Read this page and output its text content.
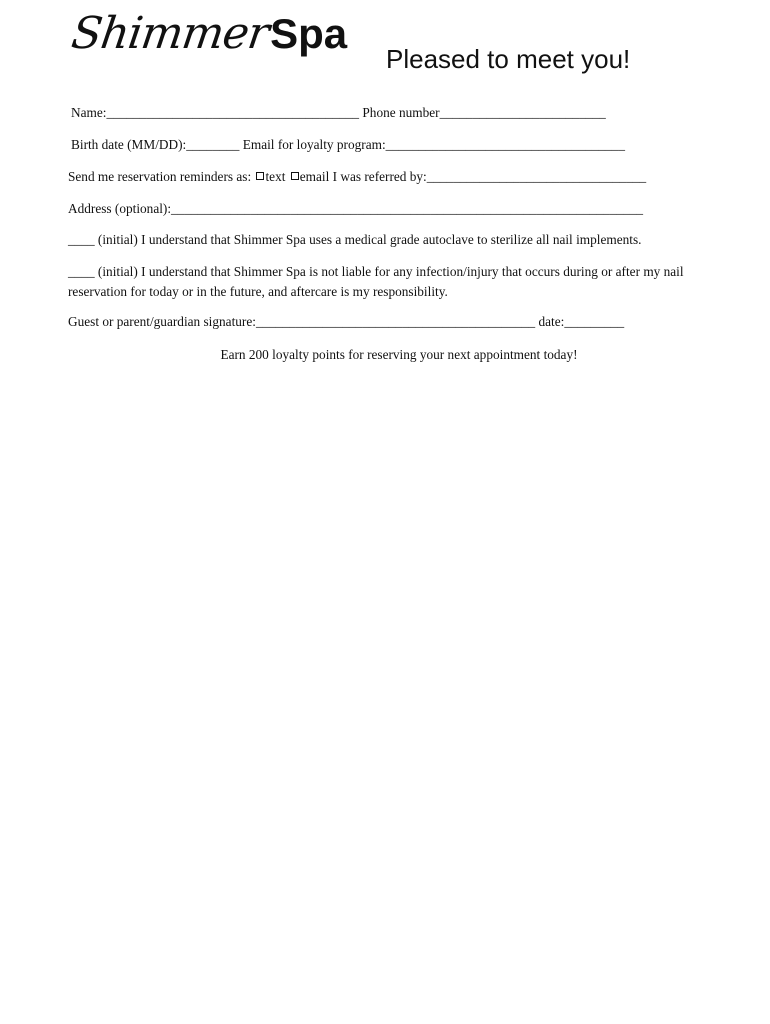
ShimmerSpa
Pleased to meet you!
Name:______________________________________ Phone number_________________________
Birth date (MM/DD):________ Email for loyalty program:____________________________________
Send me reservation reminders as: text email I was referred by:_________________________________
Address (optional):_______________________________________________________________________
____ (initial) I understand that Shimmer Spa uses a medical grade autoclave to sterilize all nail implements.
____ (initial) I understand that Shimmer Spa is not liable for any infection/injury that occurs during or after my nail reservation for today or in the future, and aftercare is my responsibility.
Guest or parent/guardian signature:__________________________________________ date:_________
Earn 200 loyalty points for reserving your next appointment today!
